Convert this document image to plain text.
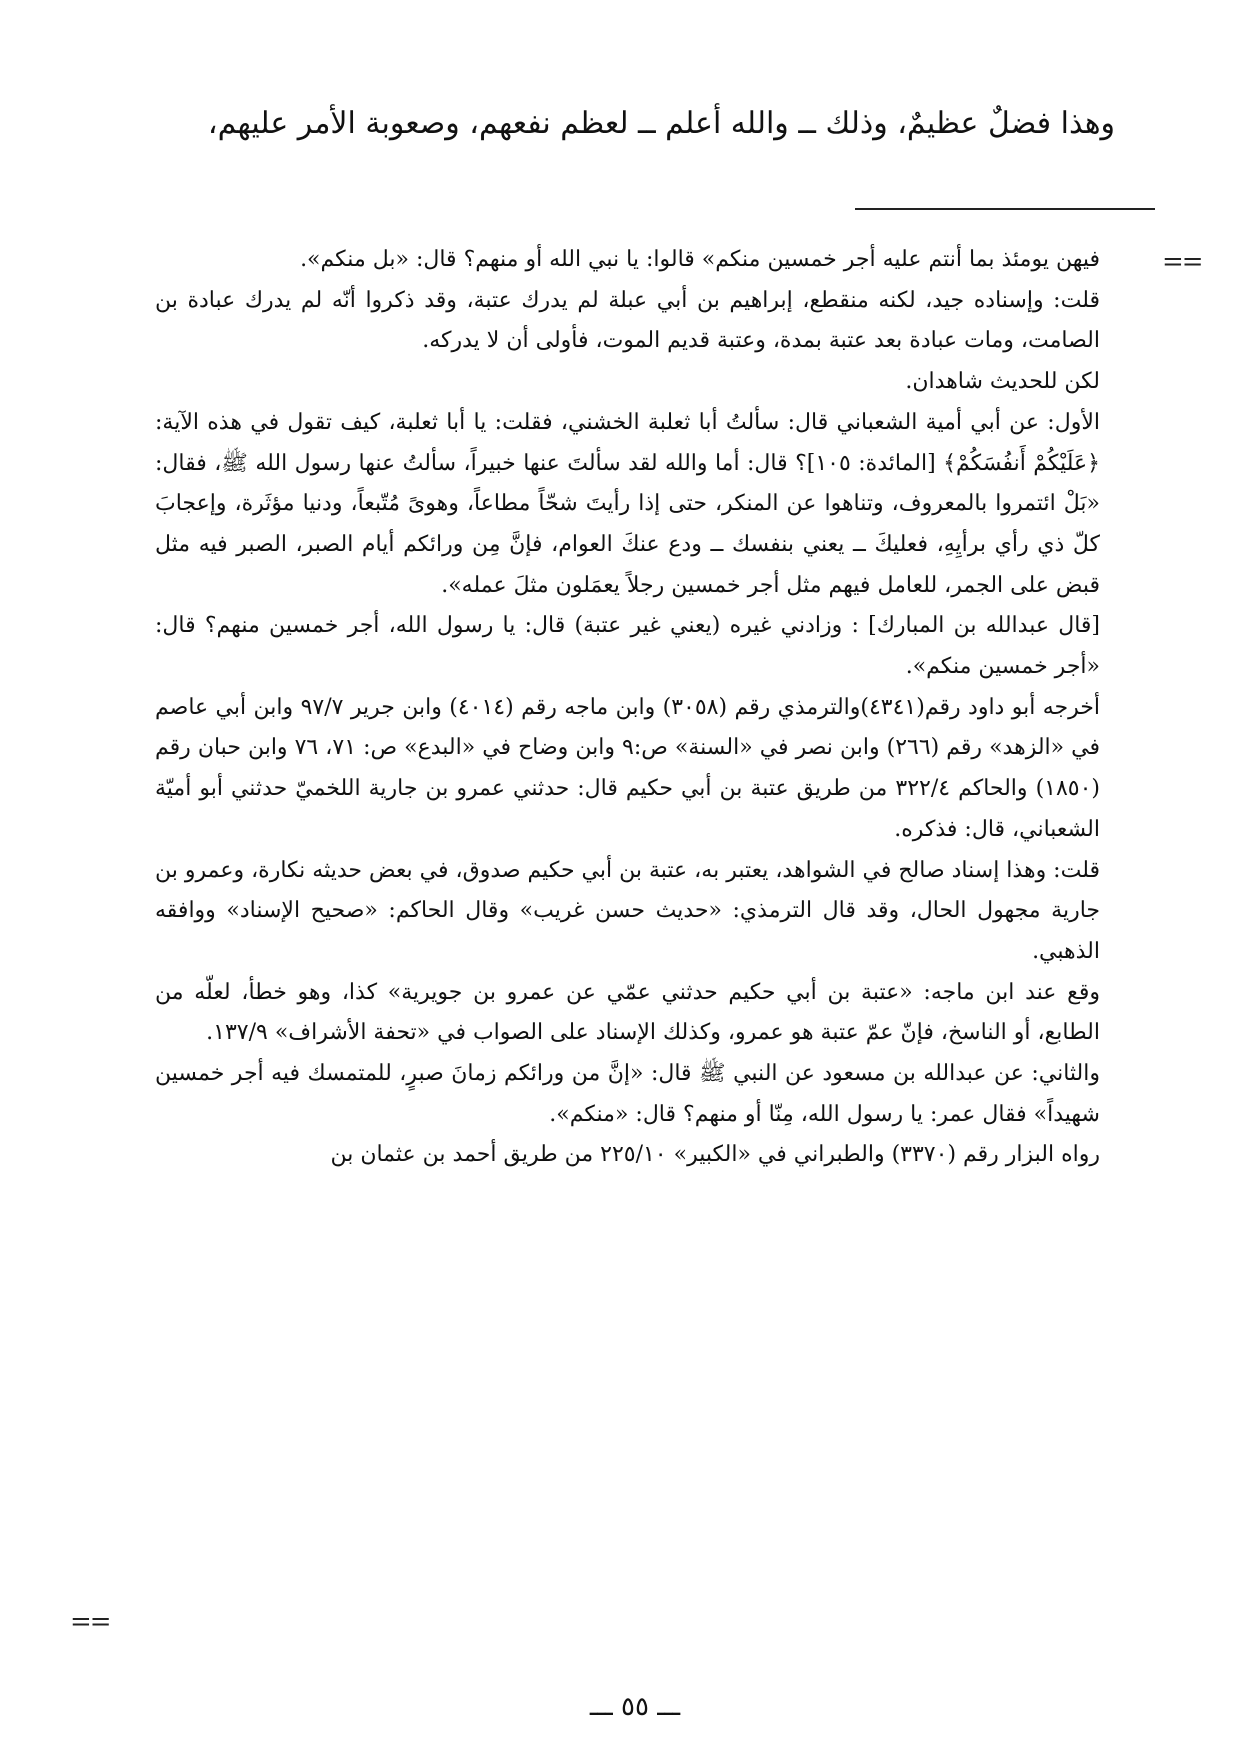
وهذا فضلٌ عظيمٌ، وذلك ــ والله أعلم ــ لعظم نفعهم، وصعوبة الأمر عليهم،
==

فيهن يومئذ بما أنتم عليه أجر خمسين منكم» قالوا: يا نبي الله أو منهم؟ قال: «بل منكم».

قلت: وإسناده جيد، لكنه منقطع، إبراهيم بن أبي عبلة لم يدرك عتبة، وقد ذكروا أنّه لم يدرك عبادة بن الصامت، ومات عبادة بعد عتبة بمدة، وعتبة قديم الموت، فأولى أن لا يدركه.

لكن للحديث شاهدان.

الأول: عن أبي أمية الشعباني قال: سألتُ أبا ثعلبة الخشني، فقلت: يا أبا ثعلبة، كيف تقول في هذه الآية: ﴿عَلَيْكُمْ أَنفُسَكُمْ﴾ [المائدة: ١٠٥]؟ قال: أما والله لقد سألتَ عنها خبيراً، سألتُ عنها رسول الله ﷺ، فقال: «بَلْ ائتمروا بالمعروف، وتناهوا عن المنكر، حتى إذا رأيتَ شحّاً مطاعاً، وهوىً مُتّبعاً، ودنيا مؤثَرة، وإعجابَ كلّ ذي رأي برأيِهِ، فعليكَ ــ يعني بنفسك ــ ودع عنكَ العوام، فإنَّ مِن ورائكم أيام الصبر، الصبر فيه مثل قبض على الجمر، للعامل فيهم مثل أجر خمسين رجلاً يعمَلون مثلَ عمله».

[قال عبدالله بن المبارك] : وزادني غيره (يعني غير عتبة) قال: يا رسول الله، أجر خمسين منهم؟ قال: «أجر خمسين منكم».

أخرجه أبو داود رقم(٤٣٤١)والترمذي رقم (٣٠٥٨) وابن ماجه رقم (٤٠١٤) وابن جرير ٩٧/٧ وابن أبي عاصم في «الزهد» رقم (٢٦٦) وابن نصر في «السنة» ص:٩ وابن وضاح في «البدع» ص: ٧١، ٧٦ وابن حبان رقم (١٨٥٠) والحاكم ٣٢٢/٤ من طريق عتبة بن أبي حكيم قال: حدثني عمرو بن جارية اللخميّ حدثني أبو أميّة الشعباني، قال: فذكره.

قلت: وهذا إسناد صالح في الشواهد، يعتبر به، عتبة بن أبي حكيم صدوق، في بعض حديثه نكارة، وعمرو بن جارية مجهول الحال، وقد قال الترمذي: «حديث حسن غريب» وقال الحاكم: «صحيح الإسناد» ووافقه الذهبي.

وقع عند ابن ماجه: «عتبة بن أبي حكيم حدثني عمّي عن عمرو بن جويرية» كذا، وهو خطأ، لعلّه من الطابع، أو الناسخ، فإنّ عمّ عتبة هو عمرو، وكذلك الإسناد على الصواب في «تحفة الأشراف» ١٣٧/٩.

والثاني: عن عبدالله بن مسعود عن النبي ﷺ قال: «إنَّ من ورائكم زمانَ صبرٍ، للمتمسك فيه أجر خمسين شهيداً» فقال عمر: يا رسول الله، مِنّا أو منهم؟ قال: «منكم».

رواه البزار رقم (٣٣٧٠) والطبراني في «الكبير» ٢٢٥/١٠ من طريق أحمد بن عثمان بن

==
ـــ ٥٥ ـــ
